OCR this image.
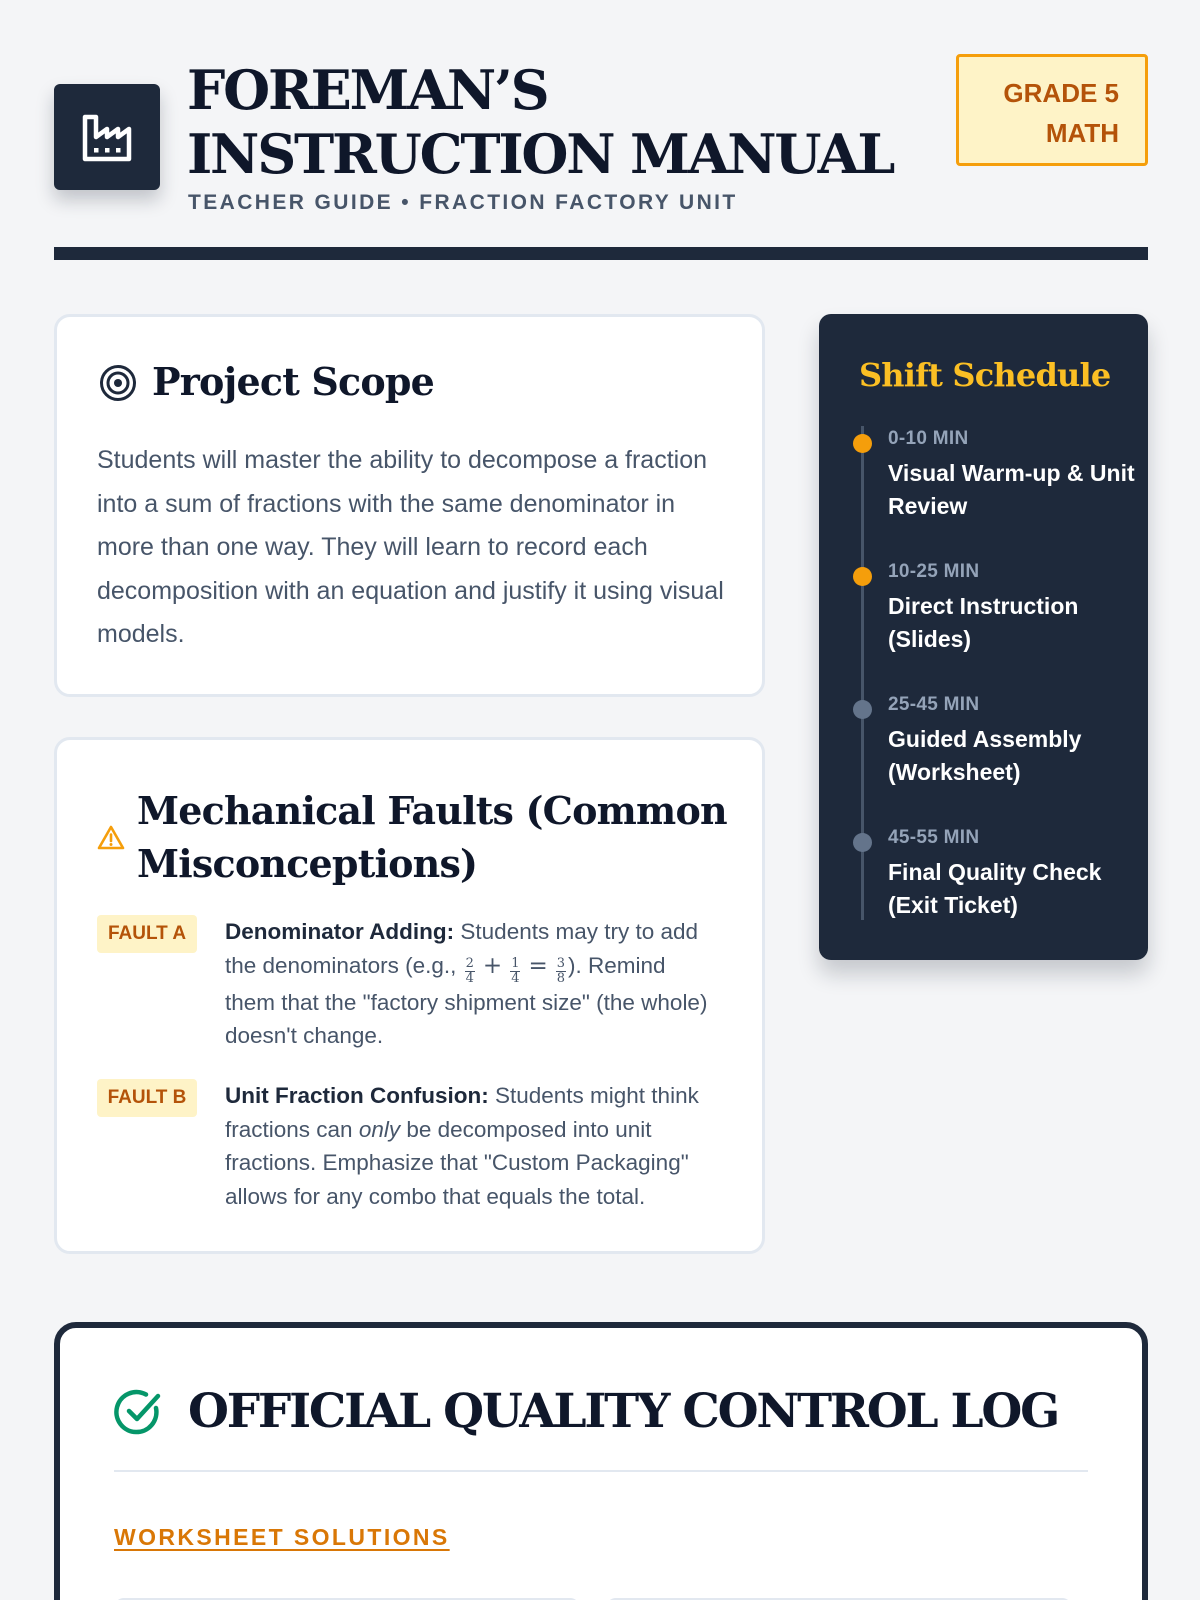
FOREMAN’S INSTRUCTION MANUAL
TEACHER GUIDE • FRACTION FACTORY UNIT
GRADE 5
MATH
Project Scope

Students will master the ability to decompose a fraction into a sum of fractions with the same denominator in more than one way. They will learn to record each decomposition with an equation and justify it using visual models.

Mechanical Faults (Common Misconceptions)
FAULT A	Denominator Adding: Students may try to add the denominators (e.g., $\frac{2}{4} + \frac{1}{4} = \frac{3}{8}$ ). Remind them that the "factory shipment size" (the whole) doesn't change.

FAULT B	Unit Fraction Confusion: Students might think fractions can only be decomposed into unit fractions. Emphasize that "Custom Packaging" allows for any combo that equals the total.

Shift Schedule
0-10 MIN
Visual Warm-up & Unit Review
10-25 MIN
Direct Instruction (Slides)
25-45 MIN
Guided Assembly (Worksheet)
45-55 MIN
Final Quality Check (Exit Ticket)
OFFICIAL QUALITY CONTROL LOG
WORKSHEET SOLUTIONS
